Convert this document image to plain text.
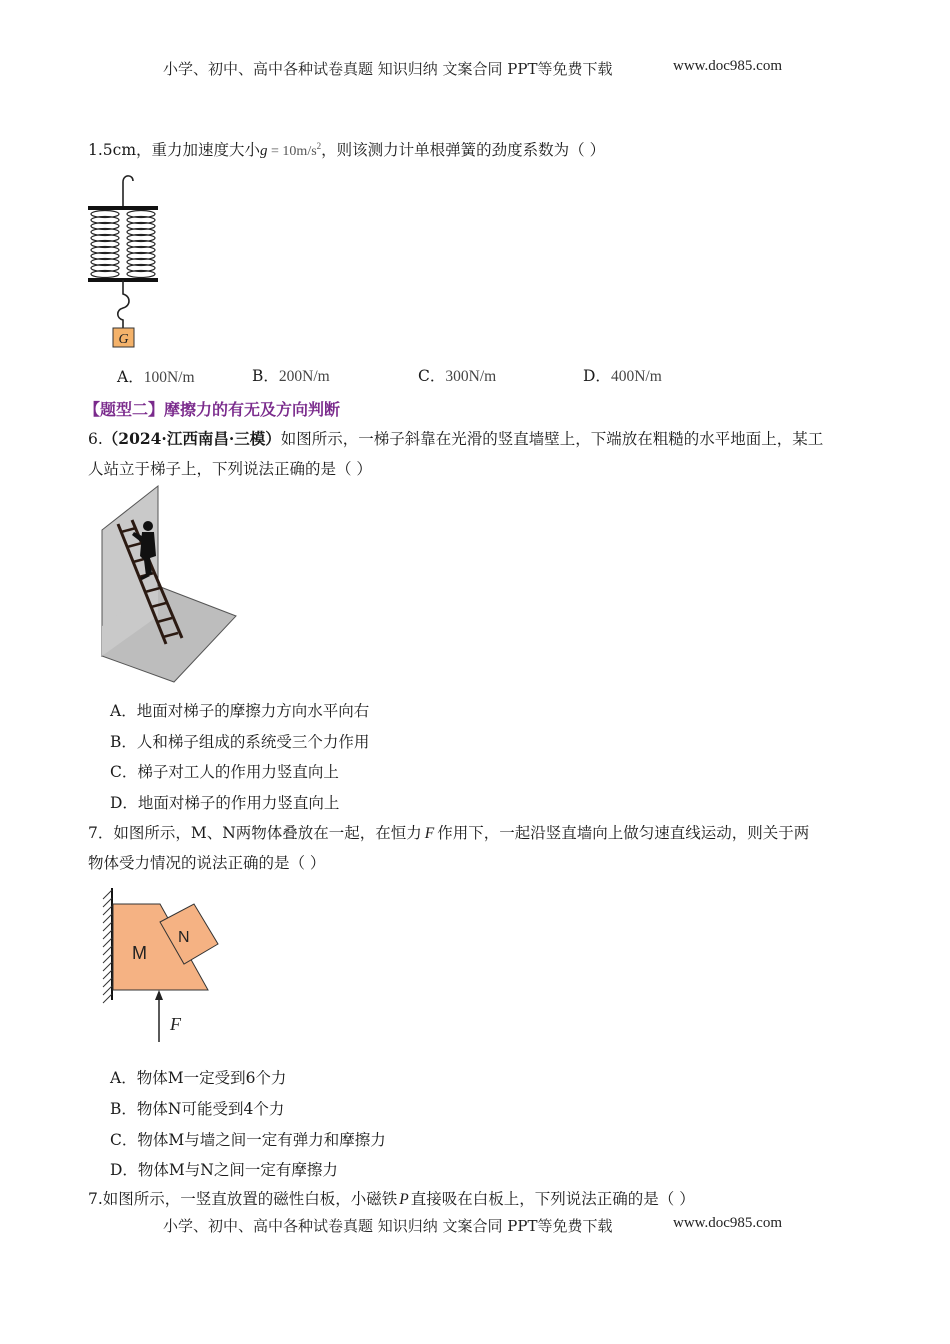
小学、初中、高中各种试卷真题 知识归纳 文案合同 PPT等免费下载	www.doc985.com
1.5cm，重力加速度大小$g = 10m/s^2$，则该测力计单根弹簧的劲度系数为（ ）
G
A．100N/m	B．200N/m	C．300N/m	D．400N/m
【题型二】摩擦力的有无及方向判断
6.（2024·江西南昌·三模）如图所示，一梯子斜靠在光滑的竖直墙壁上，下端放在粗糙的水平地面上，某工
人站立于梯子上，下列说法正确的是（ ）
A．地面对梯子的摩擦力方向水平向右
B．人和梯子组成的系统受三个力作用
C．梯子对工人的作用力竖直向上
D．地面对梯子的作用力竖直向上
7．如图所示，M、N两物体叠放在一起，在恒力 F 作用下，一起沿竖直墙向上做匀速直线运动，则关于两
物体受力情况的说法正确的是（ ）
M
N
F
A．物体M一定受到6个力
B．物体N可能受到4个力
C．物体M与墙之间一定有弹力和摩擦力
D．物体M与N之间一定有摩擦力
7.如图所示，一竖直放置的磁性白板，小磁铁 P 直接吸在白板上，下列说法正确的是（ ）
小学、初中、高中各种试卷真题 知识归纳 文案合同 PPT等免费下载	www.doc985.com
